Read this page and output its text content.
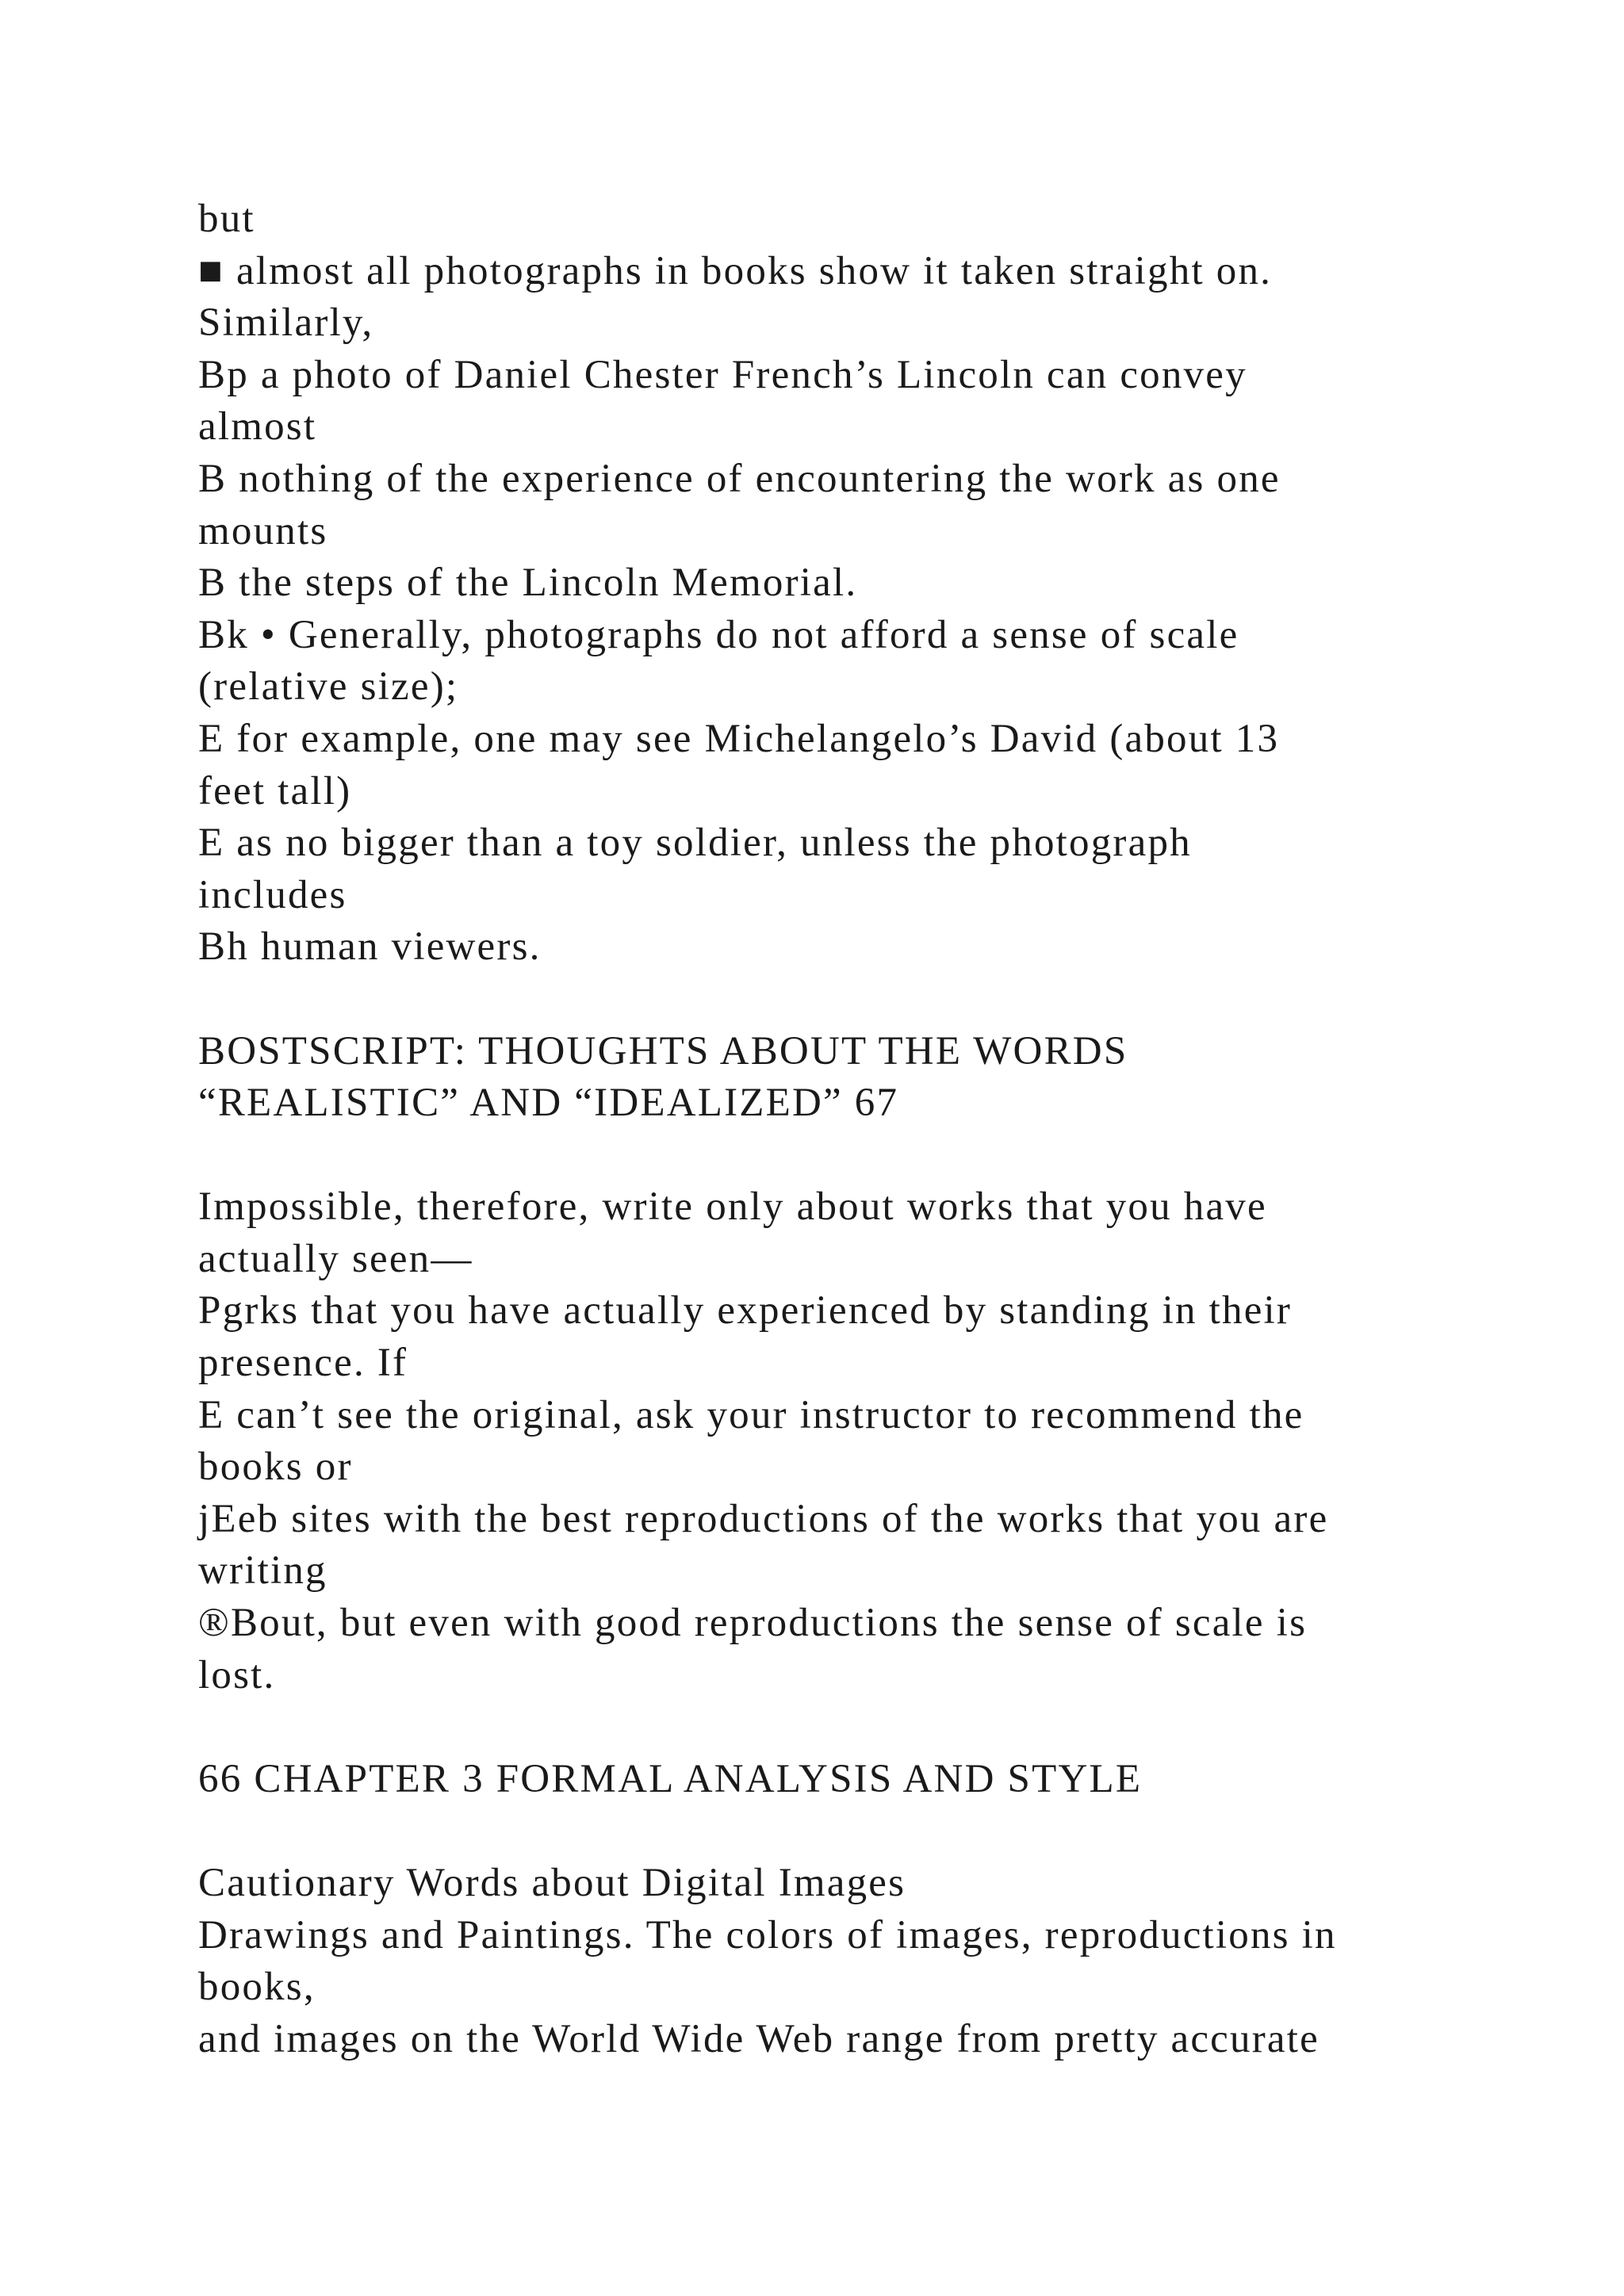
but
■ almost all photographs in books show it taken straight on.
Similarly,
Bp a photo of Daniel Chester French’s Lincoln can convey
almost
B nothing of the experience of encountering the work as one
mounts
B the steps of the Lincoln Memorial.
Bk • Generally, photographs do not afford a sense of scale
(relative size);
E for example, one may see Michelangelo’s David (about 13
feet tall)
E as no bigger than a toy soldier, unless the photograph
includes
Bh human viewers.
BOSTSCRIPT: THOUGHTS ABOUT THE WORDS
“REALISTIC” AND “IDEALIZED” 67
Impossible, therefore, write only about works that you have
actually seen—
Pgrks that you have actually experienced by standing in their
presence. If
E can’t see the original, ask your instructor to recommend the
books or
jEeb sites with the best reproductions of the works that you are
writing
®Bout, but even with good reproductions the sense of scale is
lost.
66 CHAPTER 3 FORMAL ANALYSIS AND STYLE
Cautionary Words about Digital Images
Drawings and Paintings. The colors of images, reproductions in
books,
and images on the World Wide Web range from pretty accurate
